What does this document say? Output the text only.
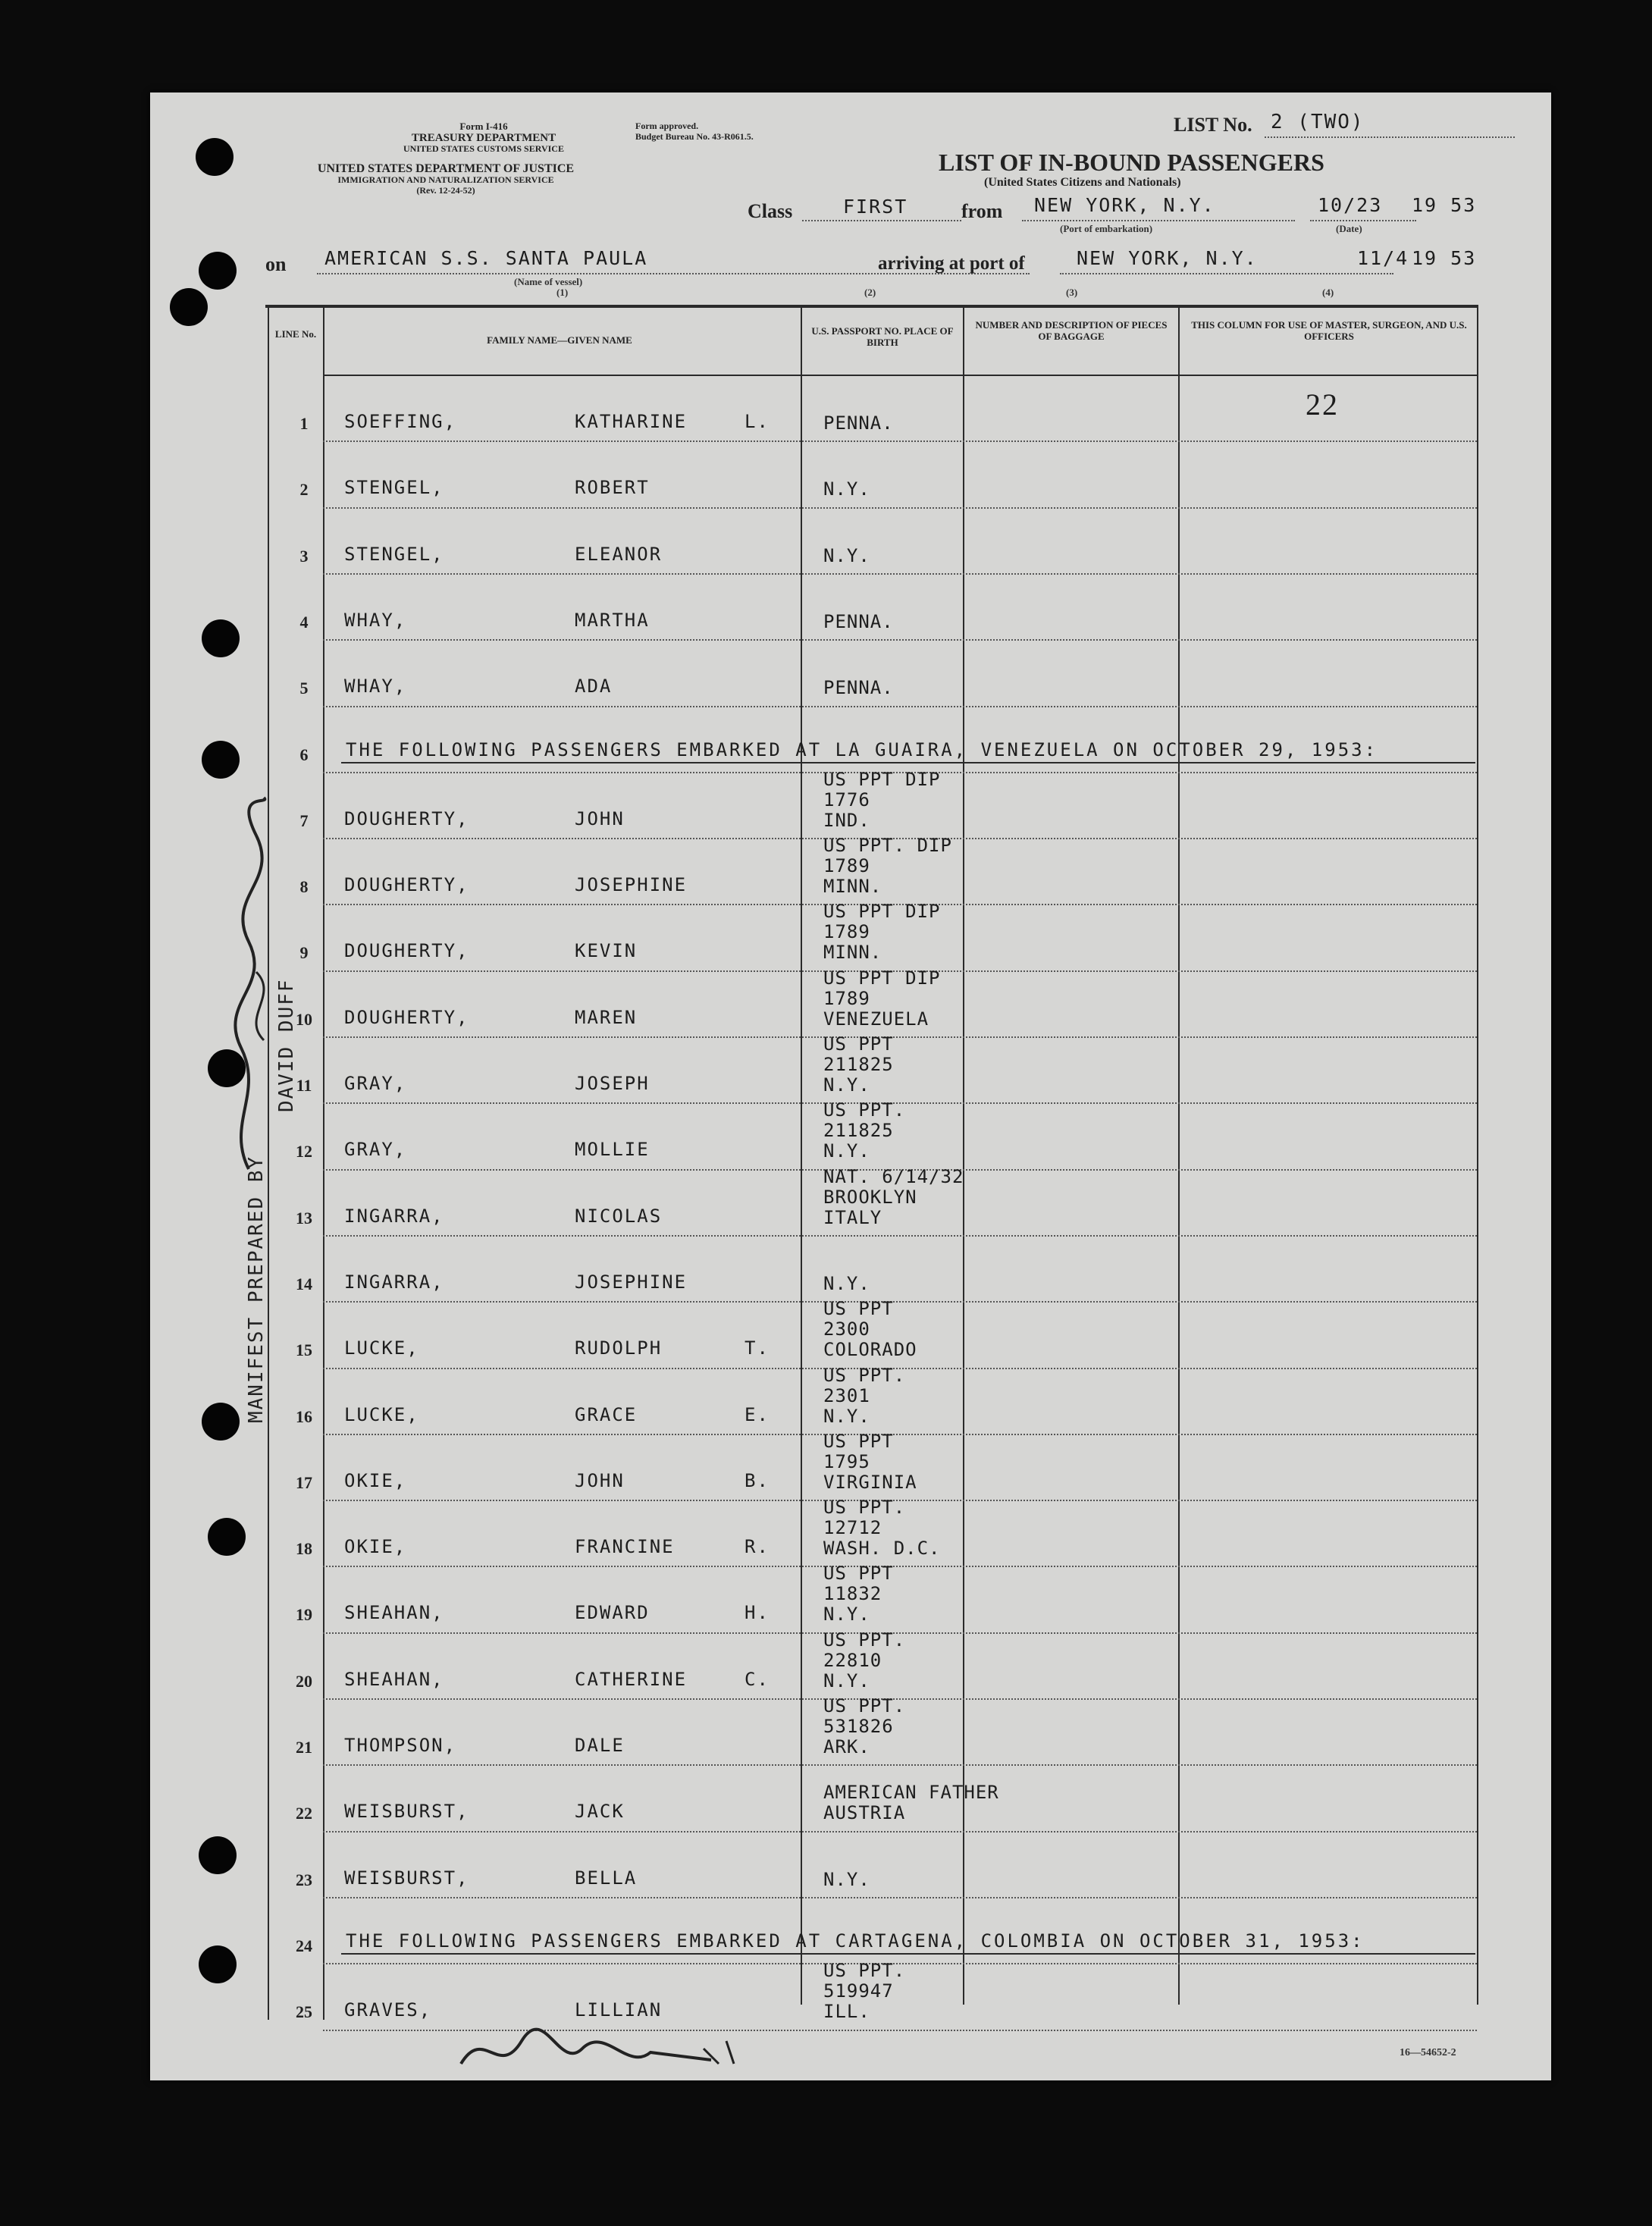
Form I-416
TREASURY DEPARTMENT
UNITED STATES CUSTOMS SERVICE
UNITED STATES DEPARTMENT OF JUSTICE
IMMIGRATION AND NATURALIZATION SERVICE
(Rev. 12-24-52)
Form approved.
Budget Bureau No. 43-R061.5.
LIST No. 2 (TWO)
LIST OF IN-BOUND PASSENGERS
(United States Citizens and Nationals)
Class	FIRST	from NEW YORK, N.Y.
(Port of embarkation)
10/23 19 53
(Date)
on AMERICAN S.S. SANTA PAULA
(Name of vessel)
(1)
arriving at port of	NEW YORK, N.Y.	11/4 19 53
(2)	(3)	(4)
LINE No.
FAMILY NAME—GIVEN NAME
U.S. PASSPORT NO. PLACE OF BIRTH
NUMBER AND DESCRIPTION OF PIECES OF BAGGAGE
THIS COLUMN FOR USE OF MASTER, SURGEON, AND U.S. OFFICERS
22
1	SOEFFING,	KATHARINE	L.	PENNA.
2	STENGEL,	ROBERT	N.Y.
3	STENGEL,	ELEANOR	N.Y.
4	WHAY,	MARTHA	PENNA.
5	WHAY,	ADA	PENNA.
6	THE FOLLOWING PASSENGERS EMBARKED AT LA GUAIRA, VENEZUELA ON OCTOBER 29, 1953:
7	DOUGHERTY,	JOHN
US PPT DIP
1776
IND.
8	DOUGHERTY,	JOSEPHINE
US PPT. DIP
1789
MINN.
9	DOUGHERTY,	KEVIN
US PPT DIP
1789
MINN.
10	DOUGHERTY,	MAREN
US PPT DIP
1789
VENEZUELA
11	GRAY,	JOSEPH
US PPT
211825
N.Y.
12	GRAY,	MOLLIE
US PPT.
211825
N.Y.
13	INGARRA,	NICOLAS
NAT. 6/14/32
BROOKLYN
ITALY
14	INGARRA,	JOSEPHINE	N.Y.
15	LUCKE,	RUDOLPH	T.
US PPT
2300
COLORADO
16	LUCKE,	GRACE	E.
US PPT.
2301
N.Y.
17	OKIE,	JOHN	B.
US PPT
1795
VIRGINIA
18	OKIE,	FRANCINE	R.
US PPT.
12712
WASH. D.C.
19	SHEAHAN,	EDWARD	H.
US PPT
11832
N.Y.
20	SHEAHAN,	CATHERINE	C.
US PPT.
22810
N.Y.
21	THOMPSON,	DALE
US PPT.
531826
ARK.
22	WEISBURST,	JACK
AMERICAN FATHER
AUSTRIA
23	WEISBURST,	BELLA	N.Y.
24	THE FOLLOWING PASSENGERS EMBARKED AT CARTAGENA, COLOMBIA ON OCTOBER 31, 1953:
25	GRAVES,	LILLIAN
US PPT.
519947
ILL.
MANIFEST PREPARED BY
DAVID DUFF
16—54652-2
